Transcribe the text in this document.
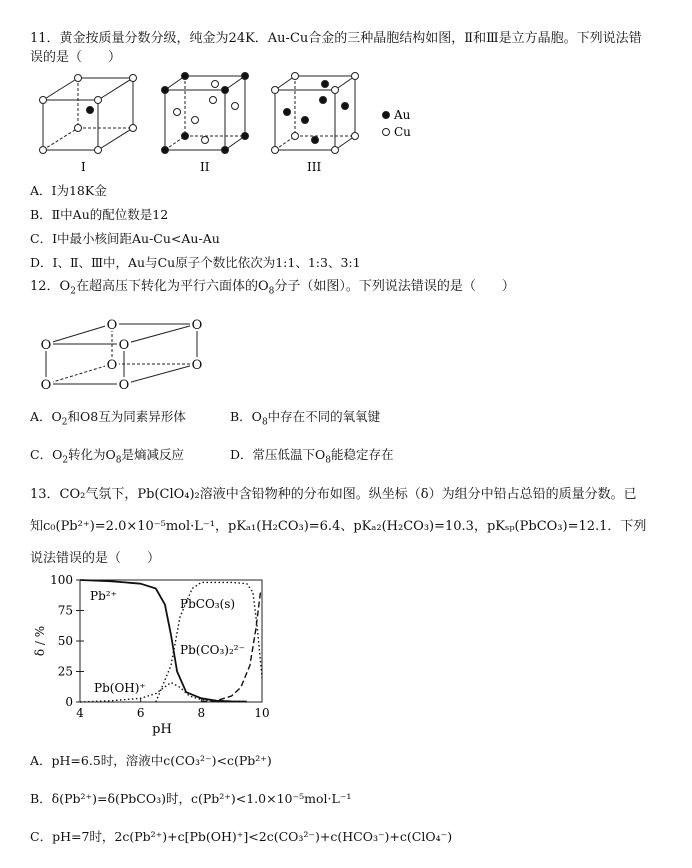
11．黄金按质量分数分级，纯金为24K．Au-Cu合金的三种晶胞结构如图，Ⅱ和Ⅲ是立方晶胞。下列说法错
误的是（　　）
I	II	III
Au
Cu
A．I为18K金
B．Ⅱ中Au的配位数是12
C．I中最小核间距Au-Cu<Au-Au
D．I、Ⅱ、Ⅲ中，Au与Cu原子个数比依次为1:1、1:3、3:1
12．$O_2$在超高压下转化为平行六面体的$O_8$分子（如图）。下列说法错误的是（　　）
O
O	O
O
O	O
O
O
A．$O_2$和O8互为同素异形体	B．$O_8$中存在不同的氧氧键
C．$O_2$转化为$O_8$是熵减反应	D．常压低温下$O_8$能稳定存在
13．CO₂气氛下，Pb(ClO₄)₂溶液中含铅物种的分布如图。纵坐标（δ）为组分中铅占总铅的质量分数。已
知c₀(Pb²⁺)=2.0×10⁻⁵mol·L⁻¹，pKₐ₁(H₂CO₃)=6.4、pKₐ₂(H₂CO₃)=10.3，pKₛₚ(PbCO₃)=12.1．下列
说法错误的是（　　）
4	6	8	10
0
25
50
75
100
Pb²⁺
PbCO₃(s)
Pb(CO₃)₂²⁻
Pb(OH)⁺
pH
δ / %
A．pH=6.5时，溶液中c(CO₃²⁻)<c(Pb²⁺)
B．δ(Pb²⁺)=δ(PbCO₃)时，c(Pb²⁺)<1.0×10⁻⁵mol·L⁻¹
C．pH=7时，2c(Pb²⁺)+c[Pb(OH)⁺]<2c(CO₃²⁻)+c(HCO₃⁻)+c(ClO₄⁻)
